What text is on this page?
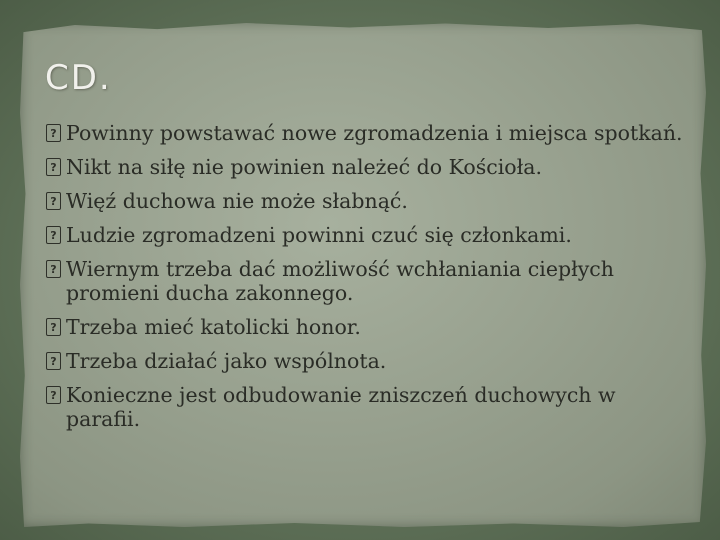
CD.
? Powinny powstawać nowe zgromadzenia i miejsca spotkań.
? Nikt na siłę nie powinien należeć do Kościoła.
? Więź duchowa nie może słabnąć.
? Ludzie zgromadzeni powinni czuć się członkami.
? Wiernym trzeba dać możliwość wchłaniania ciepłych promieni ducha zakonnego.
? Trzeba mieć katolicki honor.
? Trzeba działać jako wspólnota.
? Konieczne jest odbudowanie zniszczeń duchowych w parafii.
